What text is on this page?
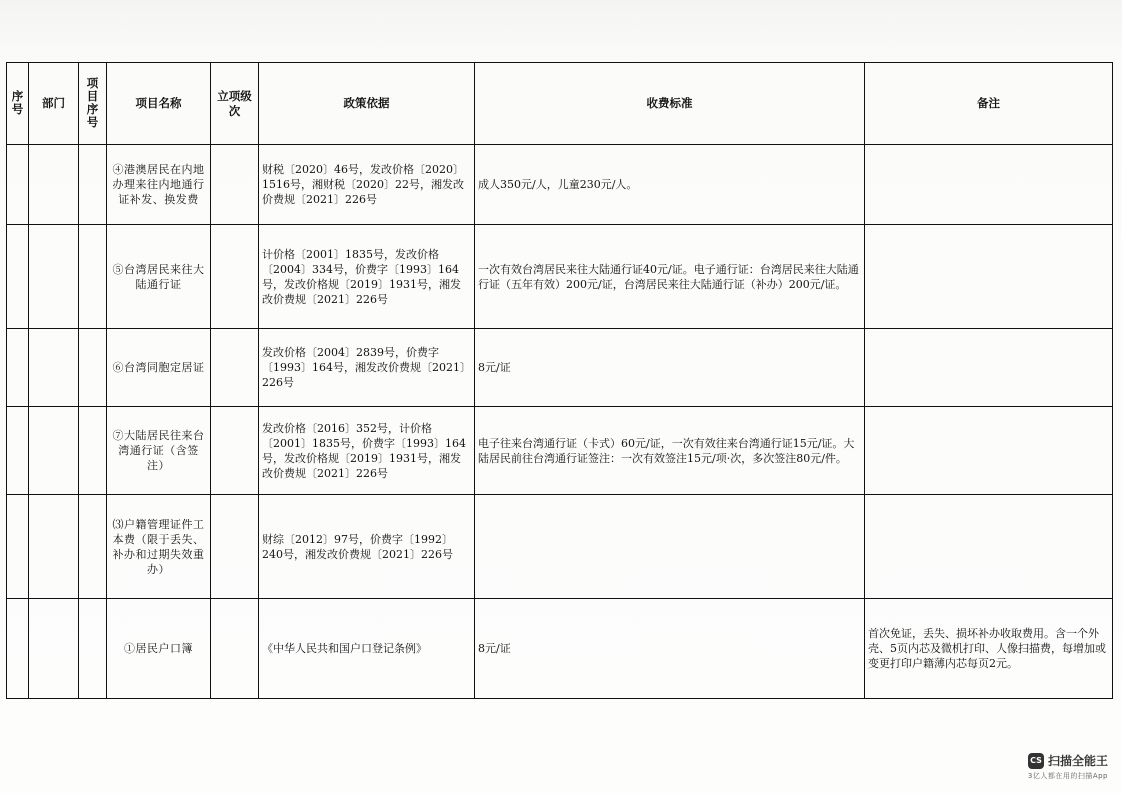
序号	部门	项目序号	项目名称	立项级次	政策依据	收费标准	备注
			④港澳居民在内地办理来往内地通行证补发、换发费		财税〔2020〕46号，发改价格〔2020〕1516号，湘财税〔2020〕22号，湘发改价费规〔2021〕226号	成人350元/人，儿童230元/人。	
			⑤台湾居民来往大陆通行证		计价格〔2001〕1835号，发改价格〔2004〕334号，价费字〔1993〕164号，发改价格规〔2019〕1931号，湘发改价费规〔2021〕226号	一次有效台湾居民来往大陆通行证40元/证。电子通行证：台湾居民来往大陆通行证（五年有效）200元/证，台湾居民来往大陆通行证（补办）200元/证。	
			⑥台湾同胞定居证		发改价格〔2004〕2839号，价费字〔1993〕164号，湘发改价费规〔2021〕226号	8元/证	
			⑦大陆居民往来台湾通行证（含签注）		发改价格〔2016〕352号，计价格〔2001〕1835号，价费字〔1993〕164号，发改价格规〔2019〕1931号，湘发改价费规〔2021〕226号	电子往来台湾通行证（卡式）60元/证，一次有效往来台湾通行证15元/证。大陆居民前往台湾通行证签注：一次有效签注15元/项·次，多次签注80元/件。	
			⑶户籍管理证件工本费（限于丢失、补办和过期失效重办）		财综〔2012〕97号，价费字〔1992〕240号，湘发改价费规〔2021〕226号		
			①居民户口簿		《中华人民共和国户口登记条例》	8元/证	首次免证，丢失、损坏补办收取费用。含一个外壳、5页内芯及微机打印、人像扫描费，每增加或变更打印户籍薄内芯每页2元。
CS 扫描全能王
3亿人都在用的扫描App
